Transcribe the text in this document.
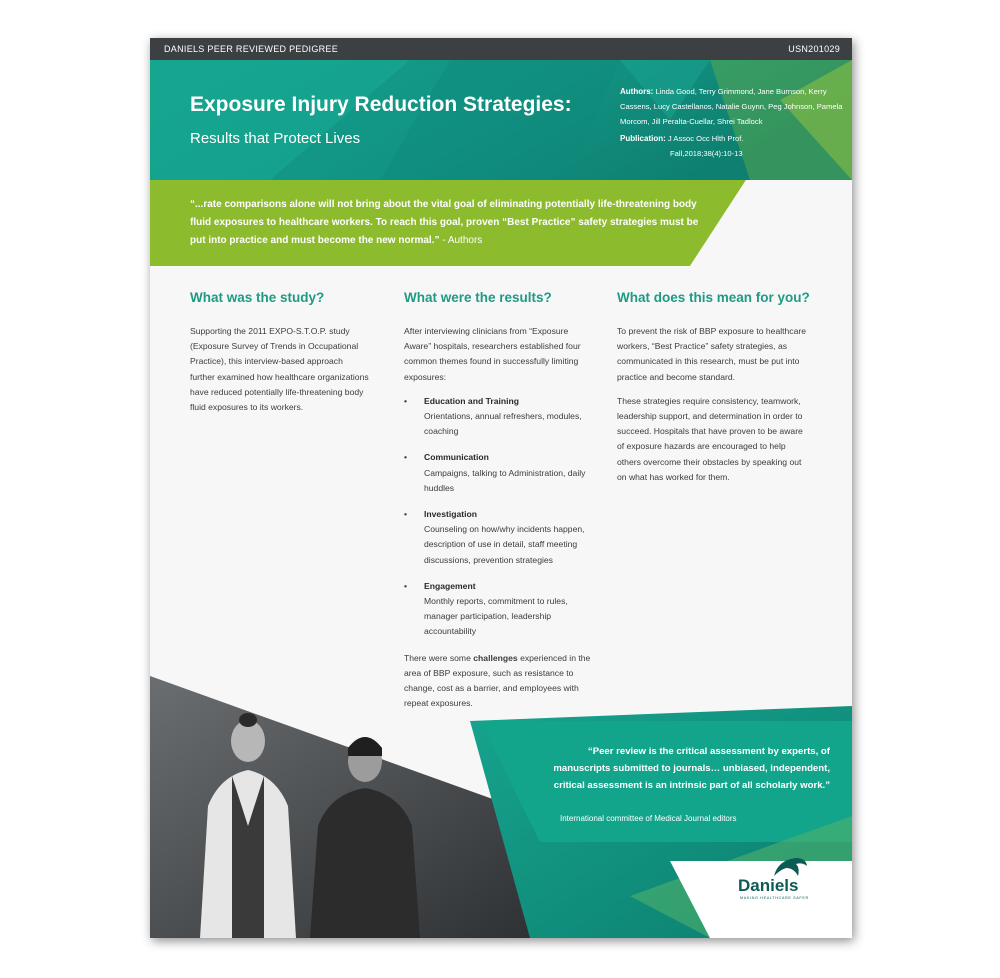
DANIELS PEER REVIEWED PEDIGREE	USN201029
Exposure Injury Reduction Strategies:
Results that Protect Lives
Authors: Linda Good, Terry Grimmond, Jane Burnson, Kerry Cassens, Lucy Castellanos, Natalie Guynn, Peg Johnson, Pamela Morcom, Jill Peralta-Cuellar, Shrei Tadlock
Publication: J Assoc Occ Hlth Prof.
Fall,2018;38(4):10-13
“...rate comparisons alone will not bring about the vital goal of eliminating potentially life-threatening body fluid exposures to healthcare workers. To reach this goal, proven “Best Practice” safety strategies must be put into practice and must become the new normal.” - Authors
“Peer review is the critical assessment by experts, of manuscripts submitted to journals… unbiased, independent, critical assessment is an intrinsic part of all scholarly work.”
International committee of Medical Journal editors
Daniels
MAKING HEALTHCARE SAFER
What was the study?

Supporting the 2011 EXPO-S.T.O.P. study (Exposure Survey of Trends in Occupational Practice), this interview-based approach further examined how healthcare organizations have reduced potentially life-threatening body fluid exposures to its workers.

What were the results?

After interviewing clinicians from “Exposure Aware” hospitals, researchers established four common themes found in successfully limiting exposures:

• Education and Training
Orientations, annual refreshers, modules, coaching
• Communication
Campaigns, talking to Administration, daily huddles
• Investigation
Counseling on how/why incidents happen, description of use in detail, staff meeting discussions, prevention strategies
• Engagement
Monthly reports, commitment to rules, manager participation, leadership accountability

There were some challenges experienced in the area of BBP exposure, such as resistance to change, cost as a barrier, and employees with repeat exposures.

What does this mean for you?

To prevent the risk of BBP exposure to healthcare workers, “Best Practice” safety strategies, as communicated in this research, must be put into practice and become standard.

These strategies require consistency, teamwork, leadership support, and determination in order to succeed. Hospitals that have proven to be aware of exposure hazards are encouraged to help others overcome their obstacles by speaking out on what has worked for them.
